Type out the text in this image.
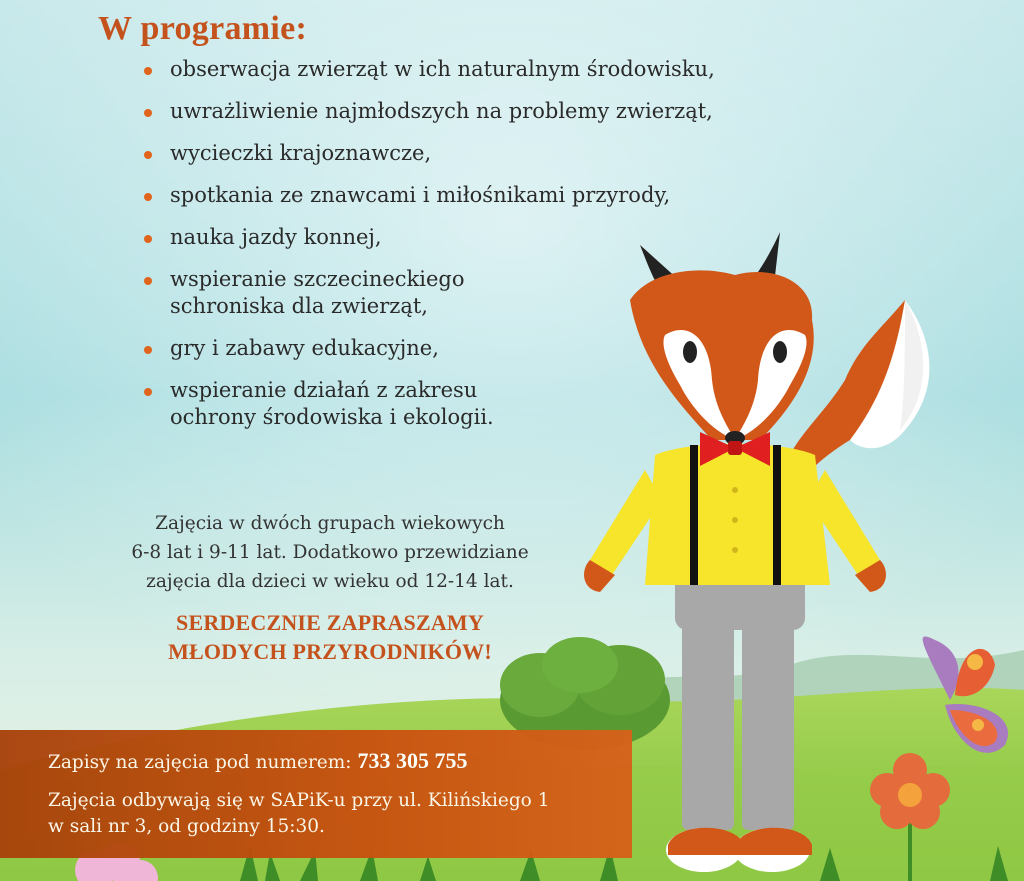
W programie:
obserwacja zwierząt w ich naturalnym środowisku,
uwrażliwienie najmłodszych na problemy zwierząt,
wycieczki krajoznawcze,
spotkania ze znawcami i miłośnikami przyrody,
nauka jazdy konnej,
wspieranie szczecineckiego
schroniska dla zwierząt,
gry i zabawy edukacyjne,
wspieranie działań z zakresu
ochrony środowiska i ekologii.
Zajęcia w dwóch grupach wiekowych
6-8 lat i 9-11 lat. Dodatkowo przewidziane
zajęcia dla dzieci w wieku od 12-14 lat.
SERDECZNIE ZAPRASZAMY
MŁODYCH PRZYRODNIKÓW!
Zapisy na zajęcia pod numerem: 733 305 755
Zajęcia odbywają się w SAPiK-u przy ul. Kilińskiego 1
w sali nr 3, od godziny 15:30.
